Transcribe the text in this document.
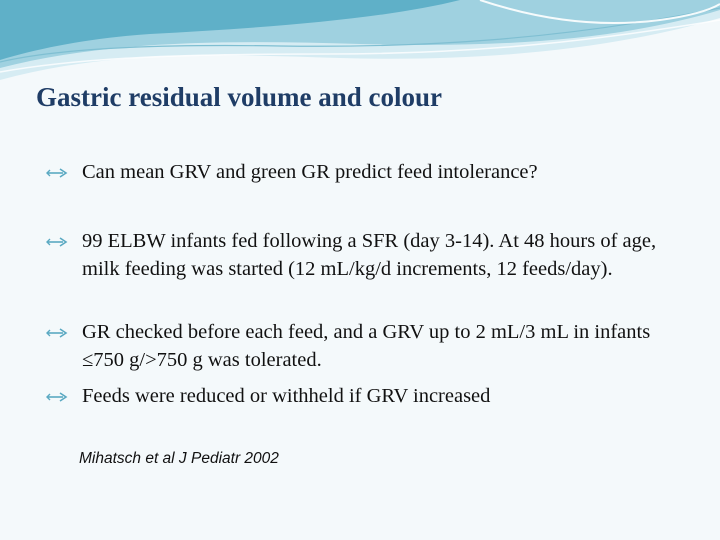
Gastric residual volume and colour
Can mean GRV and green GR predict feed intolerance?
99 ELBW infants fed following a SFR (day 3-14). At 48 hours of age, milk feeding was started (12 mL/kg/d increments, 12 feeds/day).
GR checked before each feed, and a GRV up to 2 mL/3 mL in infants ≤750 g/>750 g was tolerated.
Feeds were reduced or withheld if GRV increased
Mihatsch et al J Pediatr 2002
